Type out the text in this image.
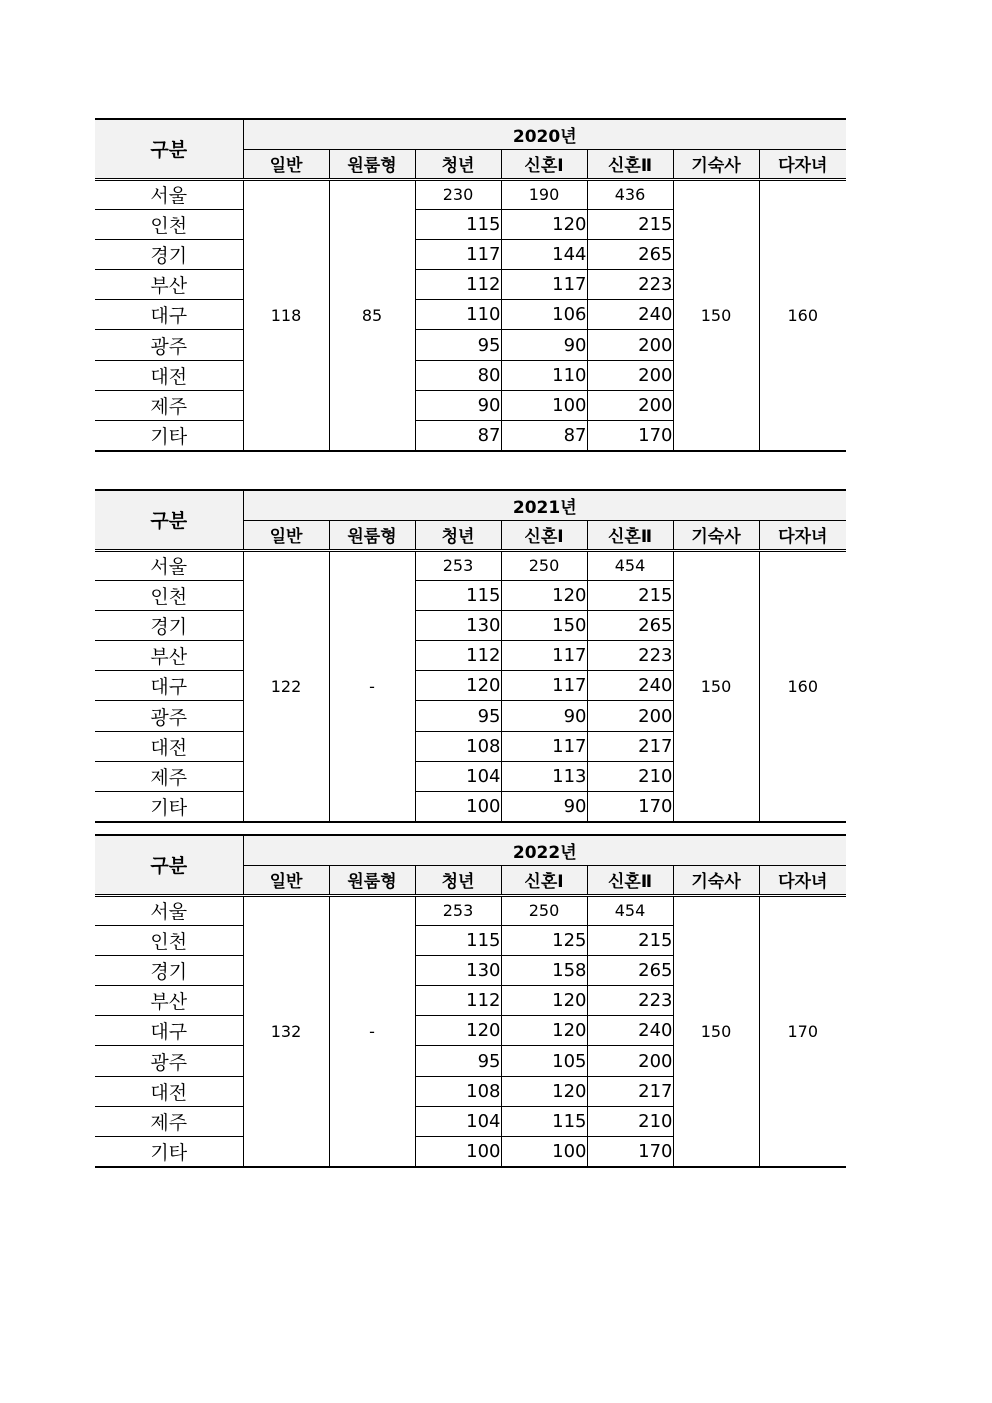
구분	2020년						
	일반	원룸형	청년	신혼Ⅰ	신혼Ⅱ	기숙사	다자녀
서울	118	85	230	190	436	150	160
인천			115	120	215		
경기			117	144	265		
부산			112	117	223		
대구			110	106	240		
광주			95	90	200		
대전			80	110	200		
제주			90	100	200		
기타			87	87	170		
구분	2021년						
	일반	원룸형	청년	신혼Ⅰ	신혼Ⅱ	기숙사	다자녀
서울	122	-	253	250	454	150	160
인천			115	120	215		
경기			130	150	265		
부산			112	117	223		
대구			120	117	240		
광주			95	90	200		
대전			108	117	217		
제주			104	113	210		
기타			100	90	170		
구분	2022년						
	일반	원룸형	청년	신혼Ⅰ	신혼Ⅱ	기숙사	다자녀
서울	132	-	253	250	454	150	170
인천			115	125	215		
경기			130	158	265		
부산			112	120	223		
대구			120	120	240		
광주			95	105	200		
대전			108	120	217		
제주			104	115	210		
기타			100	100	170		
